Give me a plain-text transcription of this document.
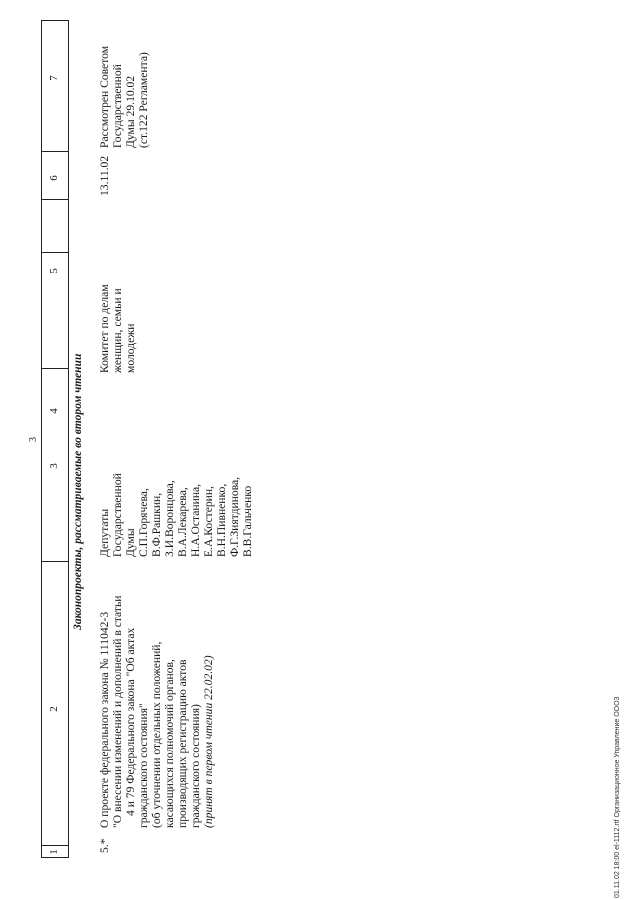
3
1
2
3
4
5
6
7
Законопроекты, рассматриваемые во втором чтении
5.*
О проекте федерального закона № 111042-3 "О внесении изменений и дополнений в статьи 4 и 79 Федерального закона "Об актах гражданского состояния" (об уточнении отдельных положений, касающихся полномочий органов, производящих регистрацию актов гражданского состояния) (принят в первом чтении 22.02.02)
Депутаты Государственной Думы С.П.Горячева, В.Ф.Рашкин, З.И.Воронцова, В.А.Лекарева, Н.А.Останина, Е.А.Костерин, В.Н.Пивненко, Ф.Г.Зиятдинова, В.В.Гальченко
Комитет по делам женщин, семьи и молодежи
13.11.02
Рассмотрен Советом Государственной Думы 29.10.02 (ст.122 Регламента)
01.11.02 18:00 el-1112.rtf Организационное Управление ООО3
